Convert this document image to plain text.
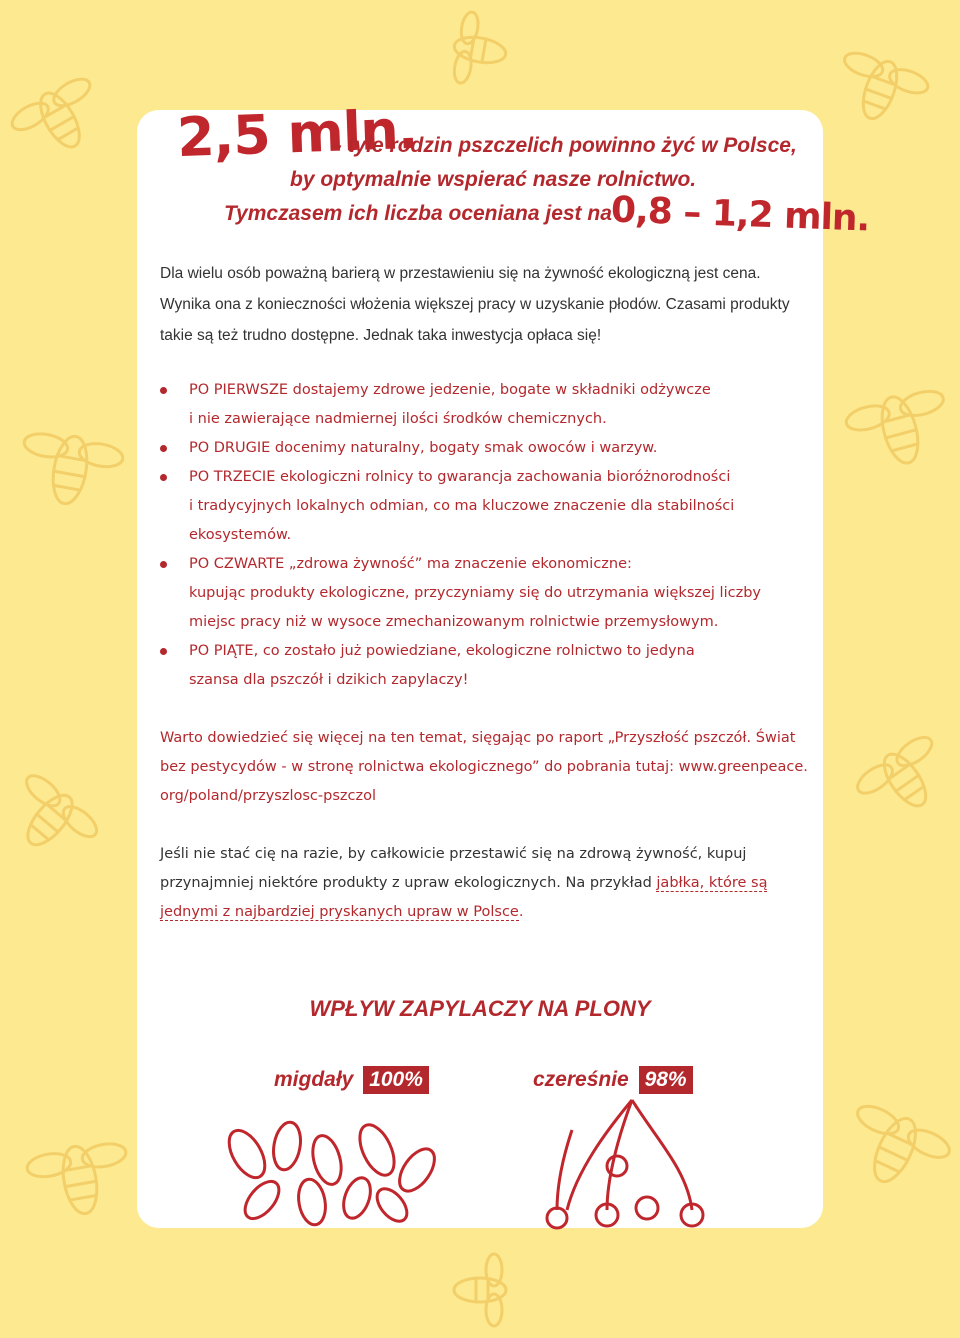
2,5 mln.
– tyle rodzin pszczelich powinno żyć w Polsce,
by optymalnie wspierać nasze rolnictwo.
Tymczasem ich liczba oceniana jest na
0,8 – 1,2 mln.
Dla wielu osób poważną barierą w przestawieniu się na żywność ekologiczną jest cena.
Wynika ona z konieczności włożenia większej pracy w uzyskanie płodów. Czasami produkty
takie są też trudno dostępne. Jednak taka inwestycja opłaca się!
PO PIERWSZE dostajemy zdrowe jedzenie, bogate w składniki odżywcze
i nie zawierające nadmiernej ilości środków chemicznych.
PO DRUGIE docenimy naturalny, bogaty smak owoców i warzyw.
PO TRZECIE ekologiczni rolnicy to gwarancja zachowania bioróżnorodności
i tradycyjnych lokalnych odmian, co ma kluczowe znaczenie dla stabilności
ekosystemów.
PO CZWARTE „zdrowa żywność” ma znaczenie ekonomiczne:
kupując produkty ekologiczne, przyczyniamy się do utrzymania większej liczby
miejsc pracy niż w wysoce zmechanizowanym rolnictwie przemysłowym.
PO PIĄTE, co zostało już powiedziane, ekologiczne rolnictwo to jedyna
szansa dla pszczół i dzikich zapylaczy!
Warto dowiedzieć się więcej na ten temat, sięgając po raport „Przyszłość pszczół. Świat
bez pestycydów - w stronę rolnictwa ekologicznego” do pobrania tutaj: www.greenpeace.
org/poland/przyszlosc-pszczol
Jeśli nie stać cię na razie, by całkowicie przestawić się na zdrową żywność, kupuj
przynajmniej niektóre produkty z upraw ekologicznych. Na przykład jabłka, które są
jednymi z najbardziej pryskanych upraw w Polsce.
WPŁYW ZAPYLACZY NA PLONY
migdały 100%	czereśnie 98%
